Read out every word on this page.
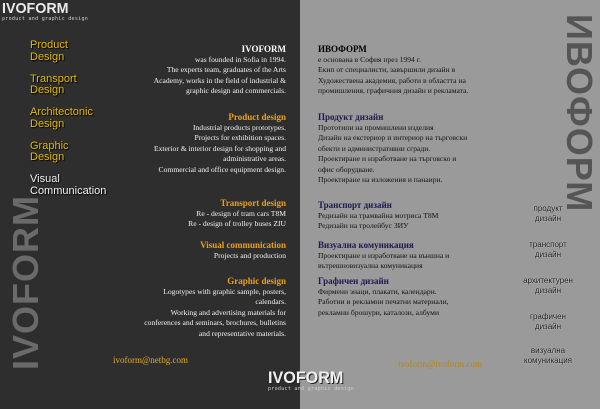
IVOFORM
product and graphic design
Product
Design
Transport
Design
Architectonic
Design
Graphic
Design
Visual
Communication
IVOFORM
ИВОФОРМ
IVOFORM
was founded in Sofia in 1994.
The experts team, graduates of the Arts
Academy, works in the field of industrial &
graphic design and commercials.
Product design
Industrial products prototypes.
Projects for exhibition spaces.
Exterior & interior design for shopping and
administrative areas.
Commercial and office equipment design.
Transport design
Re - design of tram cars T8M
Re - design of trolley buses ZIU
Visual communication
Projects and production
Graphic design
Logotypes with graphic sample, posters,
calendars.
Working and advertising materials for
conferences and seminars, brochures, bulletins
and representative materials.
ИВОФОРМ
е основана в София през 1994 г.
Екип от специалисти, завършили дизайн в
Художествена академия, работи в областта на
промишления, графичния дизайн и рекламата.
Продукт дизайн
Прототипи на промишлени изделия
Дизайн на екстериор и интериор на търговски
обекти и административни сгради.
Проектиране и изработване на търговско и
офис оборудване.
Проектиране на изложения и панаири.
Транспорт дизайн
Редизайн на трамвайна мотриса Т8М
Редизайн на тролейбус ЗИУ
Визуална комуникация
Проектиране и изработване на външна и
вътрешновизуална комуникация
Графичен дизайн
Фирмени знаци, плакати, календари.
Работни и рекламни печатни материали,
рекламни брошури, каталози, албуми
продукт
дизайн
транспорт
дизайн
архитектурен
дизайн
графичен
дизайн
визуална
комуникация
ivoform@netbg.com	ivoform@ivoform.com
IVOFORM
product and graphic design
